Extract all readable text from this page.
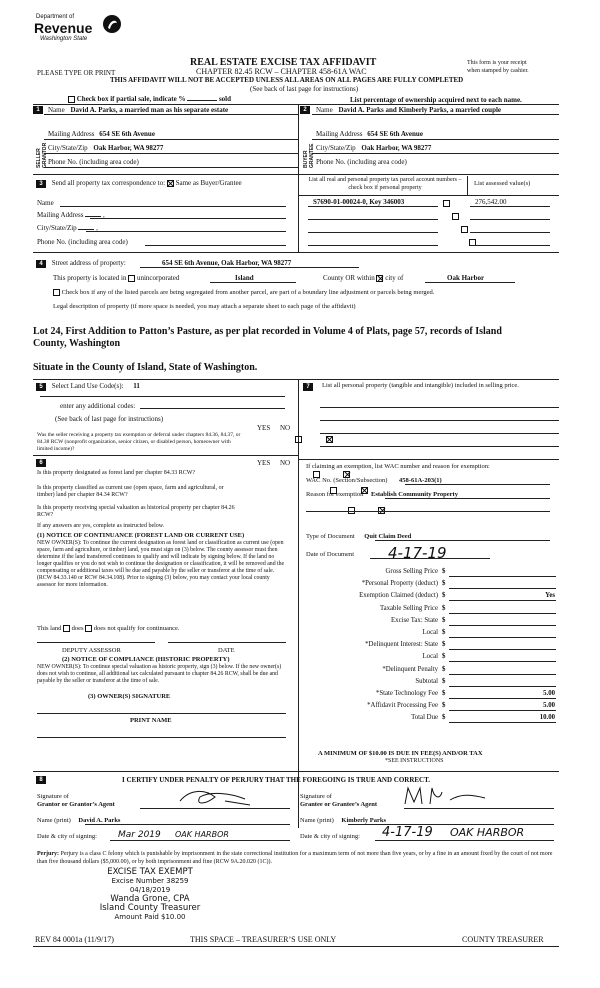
Department of
Revenue
Washington State
REAL ESTATE EXCISE TAX AFFIDAVIT
PLEASE TYPE OR PRINT	CHAPTER 82.45 RCW – CHAPTER 458-61A WAC
This form is your receipt
when stamped by cashier.
THIS AFFIDAVIT WILL NOT BE ACCEPTED UNLESS ALL AREAS ON ALL PAGES ARE FULLY COMPLETED
(See back of last page for instructions)
Check box if partial sale, indicate %	sold	List percentage of ownership acquired next to each name.
1
SELLER GRANTOR
Name David A. Parks, a married man as his separate estate
Mailing Address 654 SE 6th Avenue
City/State/Zip Oak Harbor, WA 98277
Phone No. (including area code)
2
BUYER GRANTEE
Name David A. Parks and Kimberly Parks, a married couple
Mailing Address 654 SE 6th Avenue
City/State/Zip Oak Harbor, WA 98277
Phone No. (including area code)
3 Send all property tax correspondence to: Same as Buyer/Grantee
Name
Mailing Address	,
City/State/Zip	,
Phone No. (including area code)
List all real and personal property tax parcel account numbers – check box if personal property
List assessed value(s)
S7690-01-00024-0, Key 346003
	276,542.00

4 Street address of property:	654 SE 6th Avenue, Oak Harbor, WA 98277
This property is located in unincorporated	Island	County OR within city of	Oak Harbor
Check box if any of the listed parcels are being segregated from another parcel, are part of a boundary line adjustment or parcels being merged.
Legal description of property (if more space is needed, you may attach a separate sheet to each page of the affidavit)
Lot 24, First Addition to Patton’s Pasture, as per plat recorded in Volume 4 of Plats, page 57, records of Island
County, Washington
Situate in the County of Island, State of Washington.
5 Select Land Use Code(s): 11
enter any additional codes:
(See back of last page for instructions)
YES NO
Was the seller receiving a property tax exemption or deferral under chapters 84.36, 84.37, or 84.38 RCW (nonprofit organization, senior citizen, or disabled person, homeowner with limited income)?

6	YES NO
Is this property designated as forest land per chapter 84.33 RCW?

Is this property classified as current use (open space, farm and agricultural, or timber) land per chapter 84.34 RCW?

Is this property receiving special valuation as historical property per chapter 84.26 RCW?

If any answers are yes, complete as instructed below.
(1) NOTICE OF CONTINUANCE (FOREST LAND OR CURRENT USE)
NEW OWNER(S): To continue the current designation as forest land or classification as current use (open space, farm and agriculture, or timber) land, you must sign on (3) below. The county assessor must then determine if the land transferred continues to qualify and will indicate by signing below. If the land no longer qualifies or you do not wish to continue the designation or classification, it will be removed and the compensating or additional taxes will be due and payable by the seller or transferor at the time of sale. (RCW 84.33.140 or RCW 84.34.108). Prior to signing (3) below, you may contact your local county assessor for more information.
This land does does not qualify for continuance.
DEPUTY ASSESSOR	DATE
(2) NOTICE OF COMPLIANCE (HISTORIC PROPERTY)
NEW OWNER(S): To continue special valuation as historic property, sign (3) below. If the new owner(s) does not wish to continue, all additional tax calculated pursuant to chapter 84.26 RCW, shall be due and payable by the seller or transferor at the time of sale.
(3) OWNER(S) SIGNATURE
PRINT NAME
7	List all personal property (tangible and intangible) included in selling price.
If claiming an exemption, list WAC number and reason for exemption:
WAC No. (Section/Subsection) 458-61A-203(1)
Reason for exemption Establish Community Property
Type of Document Quit Claim Deed
Date of Document 4-17-19
Gross Selling Price $
*Personal Property (deduct) $
Exemption Claimed (deduct) $	Yes
Taxable Selling Price $
Excise Tax: State $
Local $
*Delinquent Interest: State $
Local $
*Delinquent Penalty $
Subtotal $
*State Technology Fee $	5.00
*Affidavit Processing Fee $	5.00
Total Due $	10.00
A MINIMUM OF $10.00 IS DUE IN FEE(S) AND/OR TAX
*SEE INSTRUCTIONS
8	I CERTIFY UNDER PENALTY OF PERJURY THAT THE FOREGOING IS TRUE AND CORRECT.
Signature of
Grantor or Grantor’s Agent
Name (print) David A. Parks
Date & city of signing: Mar 2019 OAK HARBOR
Signature of
Grantee or Grantee’s Agent
Name (print) Kimberly Parks
Date & city of signing: 4-17-19 OAK HARBOR
Perjury: Perjury is a class C felony which is punishable by imprisonment in the state correctional institution for a maximum term of not more than five years, or by a fine in an amount fixed by the court of not more than five thousand dollars ($5,000.00), or by both imprisonment and fine (RCW 9A.20.020 (1C)).
EXCISE TAX EXEMPT
Excise Number 38259
04/18/2019
Wanda Grone, CPA
Island County Treasurer
Amount Paid $10.00
REV 84 0001a (11/9/17)	THIS SPACE – TREASURER’S USE ONLY	COUNTY TREASURER
